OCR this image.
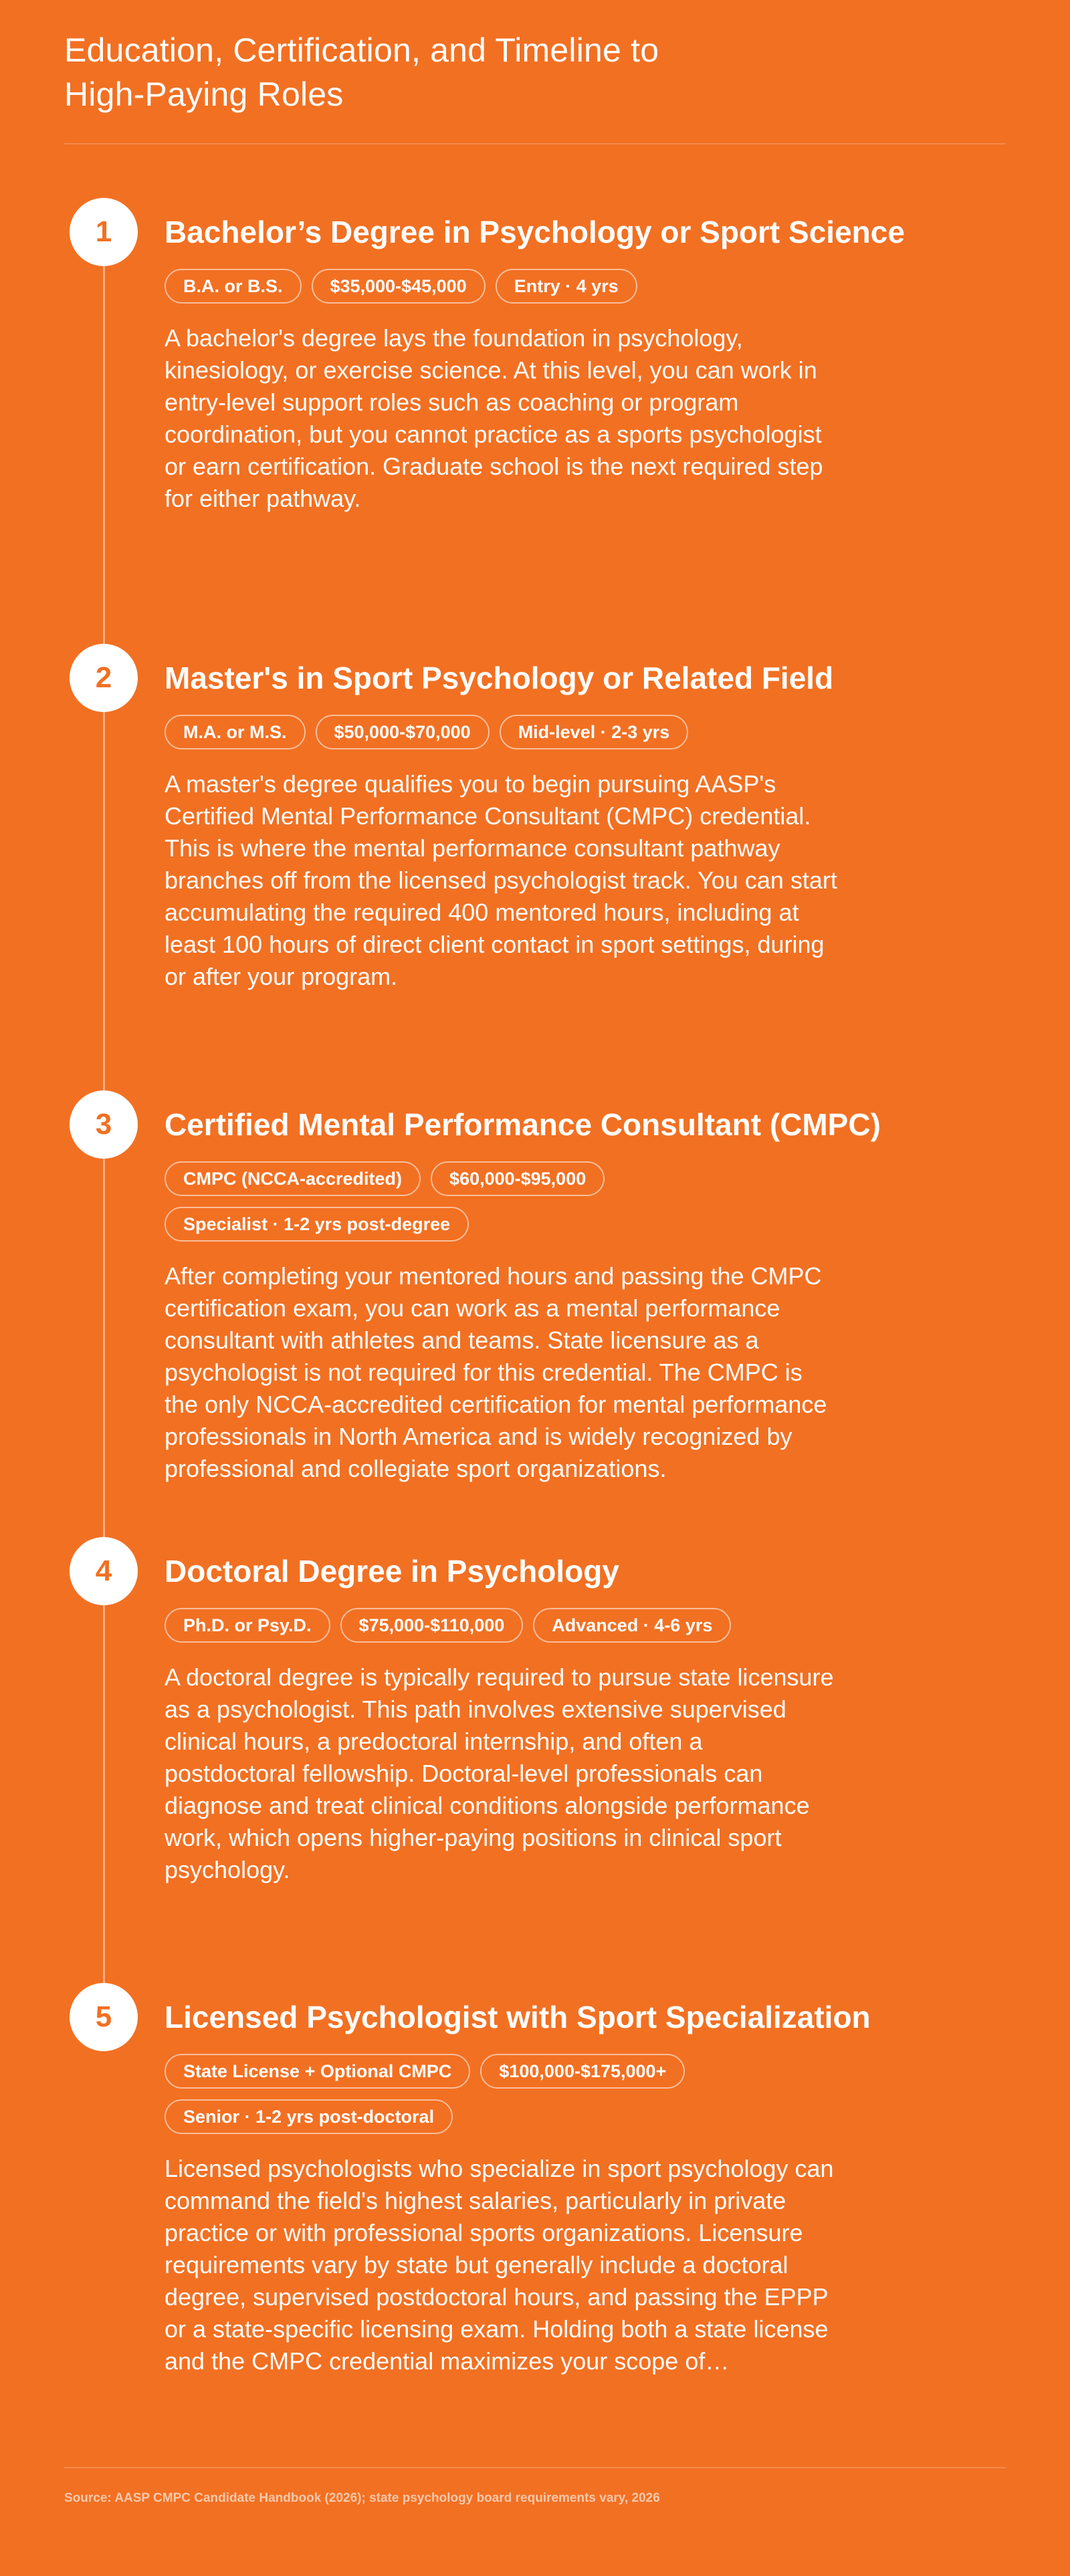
Education, Certification, and Timeline to
High-Paying Roles
1	Bachelor’s Degree in Psychology or Sport Science
B.A. or B.S.	$35,000-$45,000	Entry · 4 yrs

A bachelor's degree lays the foundation in psychology, kinesiology, or exercise science. At this level, you can work in entry-level support roles such as coaching or program coordination, but you cannot practice as a sports psychologist or earn certification. Graduate school is the next required step for either pathway.

2	Master's in Sport Psychology or Related Field
M.A. or M.S.	$50,000-$70,000	Mid-level · 2-3 yrs

A master's degree qualifies you to begin pursuing AASP's Certified Mental Performance Consultant (CMPC) credential. This is where the mental performance consultant pathway branches off from the licensed psychologist track. You can start accumulating the required 400 mentored hours, including at least 100 hours of direct client contact in sport settings, during or after your program.

3	Certified Mental Performance Consultant (CMPC)
CMPC (NCCA-accredited)	$60,000-$95,000
Specialist · 1-2 yrs post-degree

After completing your mentored hours and passing the CMPC certification exam, you can work as a mental performance consultant with athletes and teams. State licensure as a psychologist is not required for this credential. The CMPC is the only NCCA-accredited certification for mental performance professionals in North America and is widely recognized by professional and collegiate sport organizations.

4	Doctoral Degree in Psychology
Ph.D. or Psy.D.	$75,000-$110,000	Advanced · 4-6 yrs

A doctoral degree is typically required to pursue state licensure as a psychologist. This path involves extensive supervised clinical hours, a predoctoral internship, and often a postdoctoral fellowship. Doctoral-level professionals can diagnose and treat clinical conditions alongside performance work, which opens higher-paying positions in clinical sport psychology.

5	Licensed Psychologist with Sport Specialization
State License + Optional CMPC	$100,000-$175,000+
Senior · 1-2 yrs post-doctoral

Licensed psychologists who specialize in sport psychology can command the field's highest salaries, particularly in private practice or with professional sports organizations. Licensure requirements vary by state but generally include a doctoral degree, supervised postdoctoral hours, and passing the EPPP or a state-specific licensing exam. Holding both a state license and the CMPC credential maximizes your scope of…

Source: AASP CMPC Candidate Handbook (2026); state psychology board requirements vary, 2026
